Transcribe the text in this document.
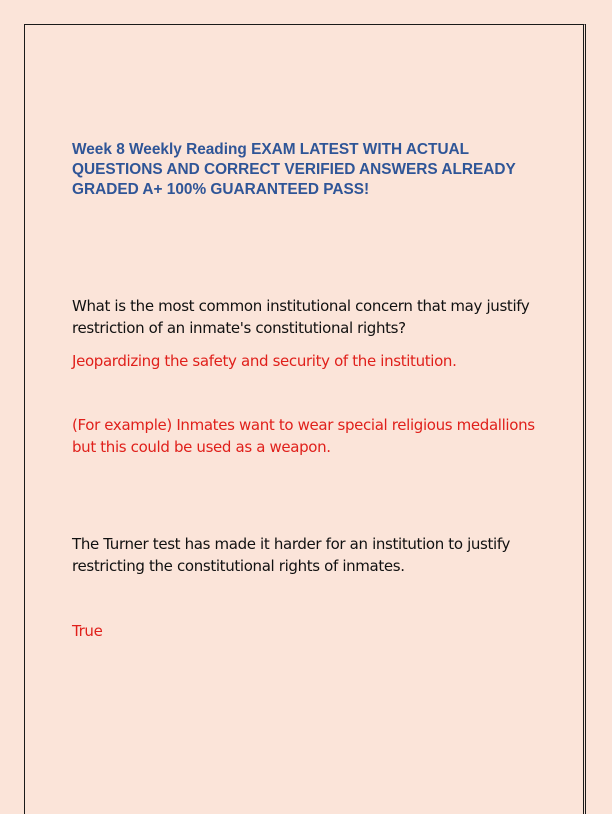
Week 8 Weekly Reading EXAM LATEST WITH ACTUAL QUESTIONS AND CORRECT VERIFIED ANSWERS ALREADY GRADED A+ 100% GUARANTEED PASS!

What is the most common institutional concern that may justify restriction of an inmate's constitutional rights?

Jeopardizing the safety and security of the institution.

(For example) Inmates want to wear special religious medallions but this could be used as a weapon.

The Turner test has made it harder for an institution to justify restricting the constitutional rights of inmates.

True
